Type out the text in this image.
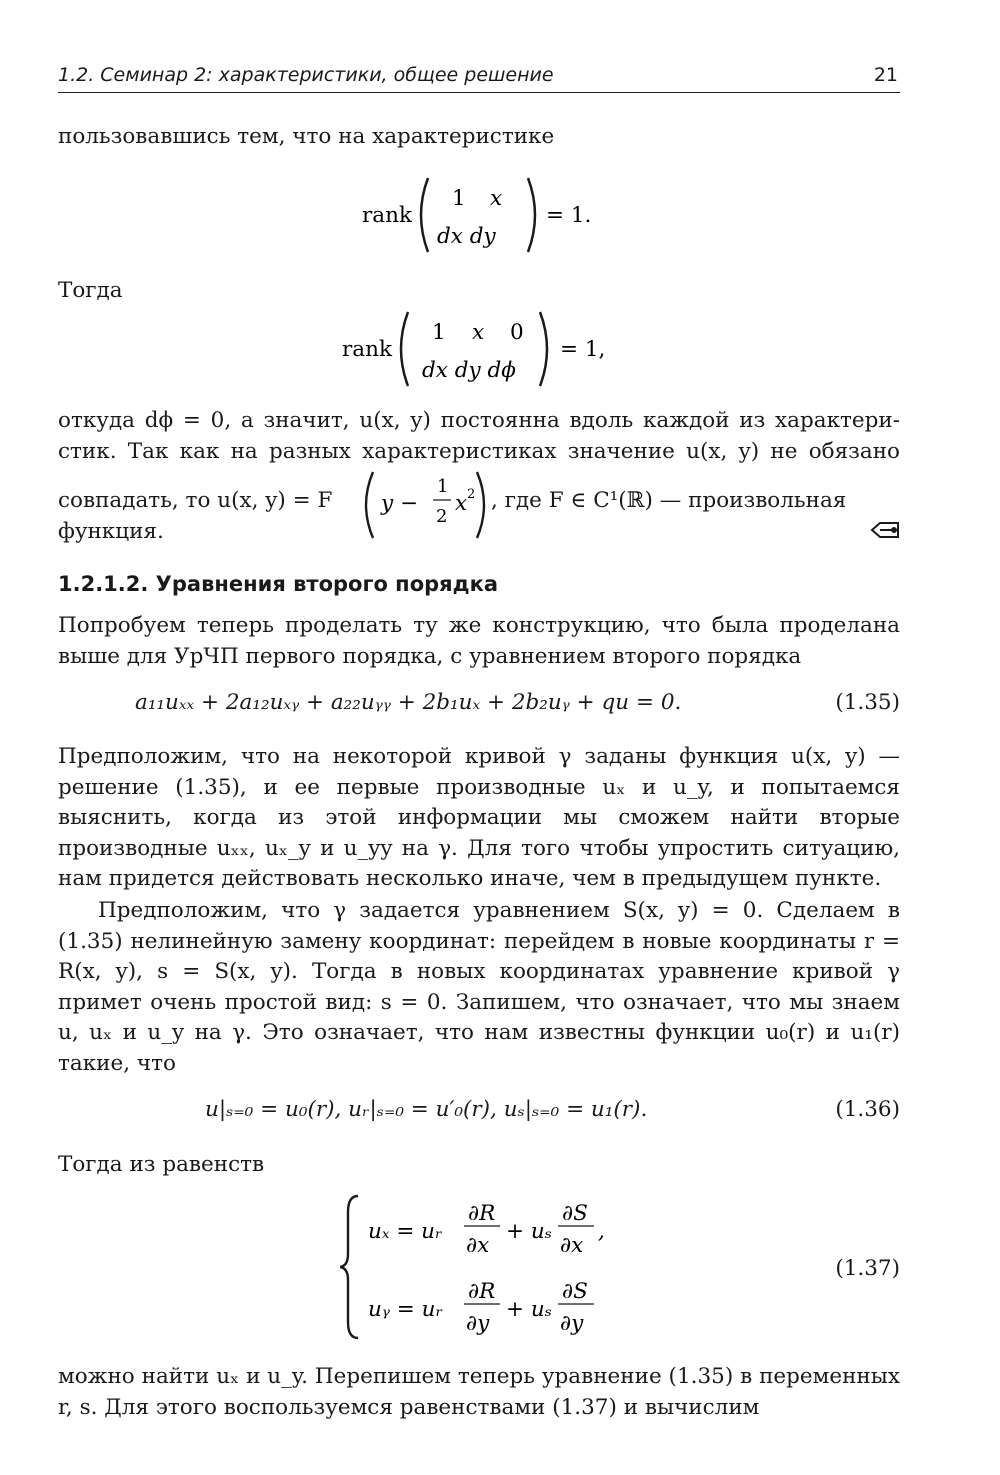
1.2. Семинар 2: характеристики, общее решение	21
пользовавшись тем, что на характеристике
rank
1 x
dx dy
= 1.
Тогда
rank
1 x 0
dx dy dϕ
= 1,
откуда dϕ = 0, а значит, u(x, y) постоянна вдоль каждой из характери-
стик. Так как на разных характеристиках значение u(x, y) не обязано
совпадать, то u(x, y) = F y −
1
2
x 2 , где F ∈ C¹(ℝ) — произвольная
функция.
1.2.1.2. Уравнения второго порядка
Попробуем теперь проделать ту же конструкцию, что была проделана выше для УрЧП первого порядка, с уравнением второго порядка
a₁₁uₓₓ + 2a₁₂uₓᵧ + a₂₂uᵧᵧ + 2b₁uₓ + 2b₂uᵧ + qu = 0.	(1.35)
Предположим, что на некоторой кривой γ заданы функция u(x, y) — решение (1.35), и ее первые производные uₓ и u_y, и попытаемся выяснить, когда из этой информации мы сможем найти вторые производные uₓₓ, uₓ_y и u_yy на γ. Для того чтобы упростить ситуацию, нам придется действовать несколько иначе, чем в предыдущем пункте.
Предположим, что γ задается уравнением S(x, y) = 0. Сделаем в (1.35) нелинейную замену координат: перейдем в новые координаты r = R(x, y), s = S(x, y). Тогда в новых координатах уравнение кривой γ примет очень простой вид: s = 0. Запишем, что означает, что мы знаем u, uₓ и u_y на γ. Это означает, что нам известны функции u₀(r) и u₁(r) такие, что
u|ₛ₌₀ = u₀(r), uᵣ|ₛ₌₀ = u′₀(r), uₛ|ₛ₌₀ = u₁(r).	(1.36)
Тогда из равенств
uₓ = uᵣ
∂R
∂x
+ uₛ
∂S
∂x
,
uᵧ = uᵣ
∂R
∂y
+ uₛ
∂S
∂y
(1.37)
можно найти uₓ и u_y. Перепишем теперь уравнение (1.35) в переменных r, s. Для этого воспользуемся равенствами (1.37) и вычислим
